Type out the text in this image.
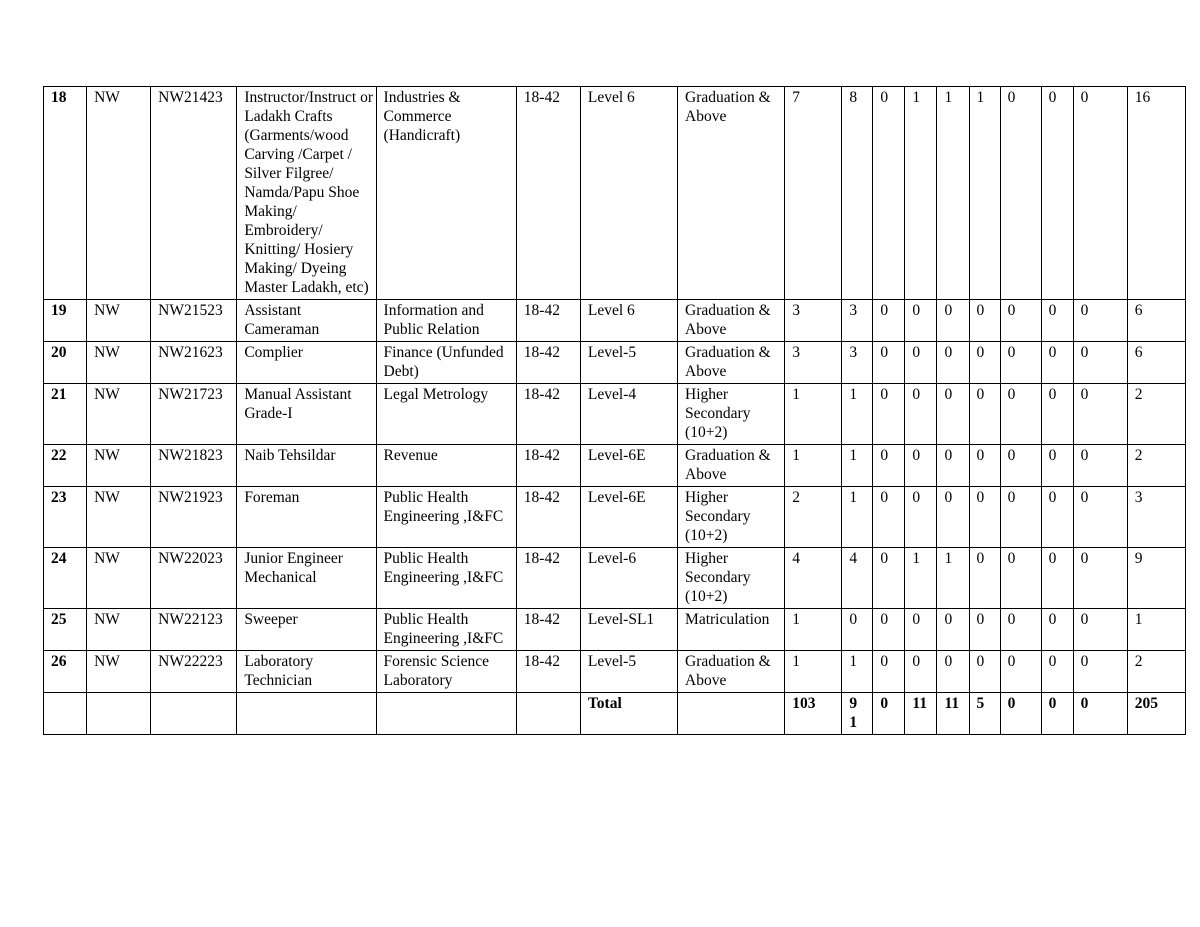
18	NW	NW21423	Instructor/Instruct or Ladakh Crafts (Garments/wood Carving /Carpet / Silver Filgree/ Namda/Papu Shoe Making/ Embroidery/ Knitting/ Hosiery Making/ Dyeing Master Ladakh, etc)	Industries & Commerce (Handicraft)	18-42	Level 6	Graduation & Above	7	8	0	1	1	1	0	0	0	16
19	NW	NW21523	Assistant Cameraman	Information and Public Relation	18-42	Level 6	Graduation & Above	3	3	0	0	0	0	0	0	0	6
20	NW	NW21623	Complier	Finance (Unfunded Debt)	18-42	Level-5	Graduation & Above	3	3	0	0	0	0	0	0	0	6
21	NW	NW21723	Manual Assistant Grade-I	Legal Metrology	18-42	Level-4	Higher Secondary (10+2)	1	1	0	0	0	0	0	0	0	2
22	NW	NW21823	Naib Tehsildar	Revenue	18-42	Level-6E	Graduation & Above	1	1	0	0	0	0	0	0	0	2
23	NW	NW21923	Foreman	Public Health Engineering ,I&FC	18-42	Level-6E	Higher Secondary (10+2)	2	1	0	0	0	0	0	0	0	3
24	NW	NW22023	Junior Engineer Mechanical	Public Health Engineering ,I&FC	18-42	Level-6	Higher Secondary (10+2)	4	4	0	1	1	0	0	0	0	9
25	NW	NW22123	Sweeper	Public Health Engineering ,I&FC	18-42	Level-SL1	Matriculation	1	0	0	0	0	0	0	0	0	1
26	NW	NW22223	Laboratory Technician	Forensic Science Laboratory	18-42	Level-5	Graduation & Above	1	1	0	0	0	0	0	0	0	2
						Total		103	91	0	11	11	5	0	0	0	205
